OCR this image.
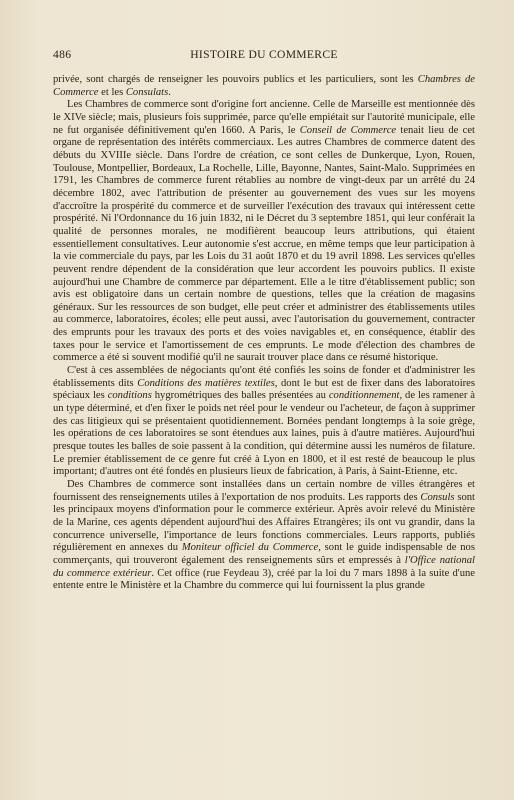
486	HISTOIRE DU COMMERCE

privée, sont chargés de renseigner les pouvoirs publics et les particuliers, sont les Chambres de Commerce et les Consulats.

Les Chambres de commerce sont d'origine fort ancienne. Celle de Marseille est mentionnée dès le XIVe siècle; mais, plusieurs fois supprimée, parce qu'elle empiétait sur l'autorité municipale, elle ne fut organisée définitivement qu'en 1660. A Paris, le Conseil de Commerce tenait lieu de cet organe de représentation des intérêts commerciaux. Les autres Chambres de commerce datent des débuts du XVIIIe siècle. Dans l'ordre de création, ce sont celles de Dunkerque, Lyon, Rouen, Toulouse, Montpellier, Bordeaux, La Rochelle, Lille, Bayonne, Nantes, Saint-Malo. Supprimées en 1791, les Chambres de commerce furent rétablies au nombre de vingt-deux par un arrêté du 24 décembre 1802, avec l'attribution de présenter au gouvernement des vues sur les moyens d'accroître la prospérité du commerce et de surveiller l'exécution des travaux qui intéressent cette prospérité. Ni l'Ordonnance du 16 juin 1832, ni le Décret du 3 septembre 1851, qui leur conférait la qualité de personnes morales, ne modifièrent beaucoup leurs attributions, qui étaient essentiellement consultatives. Leur autonomie s'est accrue, en même temps que leur participation à la vie commerciale du pays, par les Lois du 31 août 1870 et du 19 avril 1898. Les services qu'elles peuvent rendre dépendent de la considération que leur accordent les pouvoirs publics. Il existe aujourd'hui une Chambre de commerce par département. Elle a le titre d'établissement public; son avis est obligatoire dans un certain nombre de questions, telles que la création de magasins généraux. Sur les ressources de son budget, elle peut créer et administrer des établissements utiles au commerce, laboratoires, écoles; elle peut aussi, avec l'autorisation du gouvernement, contracter des emprunts pour les travaux des ports et des voies navigables et, en conséquence, établir des taxes pour le service et l'amortissement de ces emprunts. Le mode d'élection des chambres de commerce a été si souvent modifié qu'il ne saurait trouver place dans ce résumé historique.

C'est à ces assemblées de négociants qu'ont été confiés les soins de fonder et d'administrer les établissements dits Conditions des matières textiles, dont le but est de fixer dans des laboratoires spéciaux les conditions hygrométriques des balles présentées au conditionnement, de les ramener à un type déterminé, et d'en fixer le poids net réel pour le vendeur ou l'acheteur, de façon à supprimer des cas litigieux qui se présentaient quotidiennement. Bornées pendant longtemps à la soie grège, les opérations de ces laboratoires se sont étendues aux laines, puis à d'autre matières. Aujourd'hui presque toutes les balles de soie passent à la condition, qui détermine aussi les numéros de filature. Le premier établissement de ce genre fut créé à Lyon en 1800, et il est resté de beaucoup le plus important; d'autres ont été fondés en plusieurs lieux de fabrication, à Paris, à Saint-Etienne, etc.

Des Chambres de commerce sont installées dans un certain nombre de villes étrangères et fournissent des renseignements utiles à l'exportation de nos produits. Les rapports des Consuls sont les principaux moyens d'information pour le commerce extérieur. Après avoir relevé du Ministère de la Marine, ces agents dépendent aujourd'hui des Affaires Etrangères; ils ont vu grandir, dans la concurrence universelle, l'importance de leurs fonctions commerciales. Leurs rapports, publiés régulièrement en annexes du Moniteur officiel du Commerce, sont le guide indispensable de nos commerçants, qui trouveront également des renseignements sûrs et empressés à l'Office national du commerce extérieur. Cet office (rue Feydeau 3), créé par la loi du 7 mars 1898 à la suite d'une entente entre le Ministère et la Chambre du commerce qui lui fournissent la plus grande
